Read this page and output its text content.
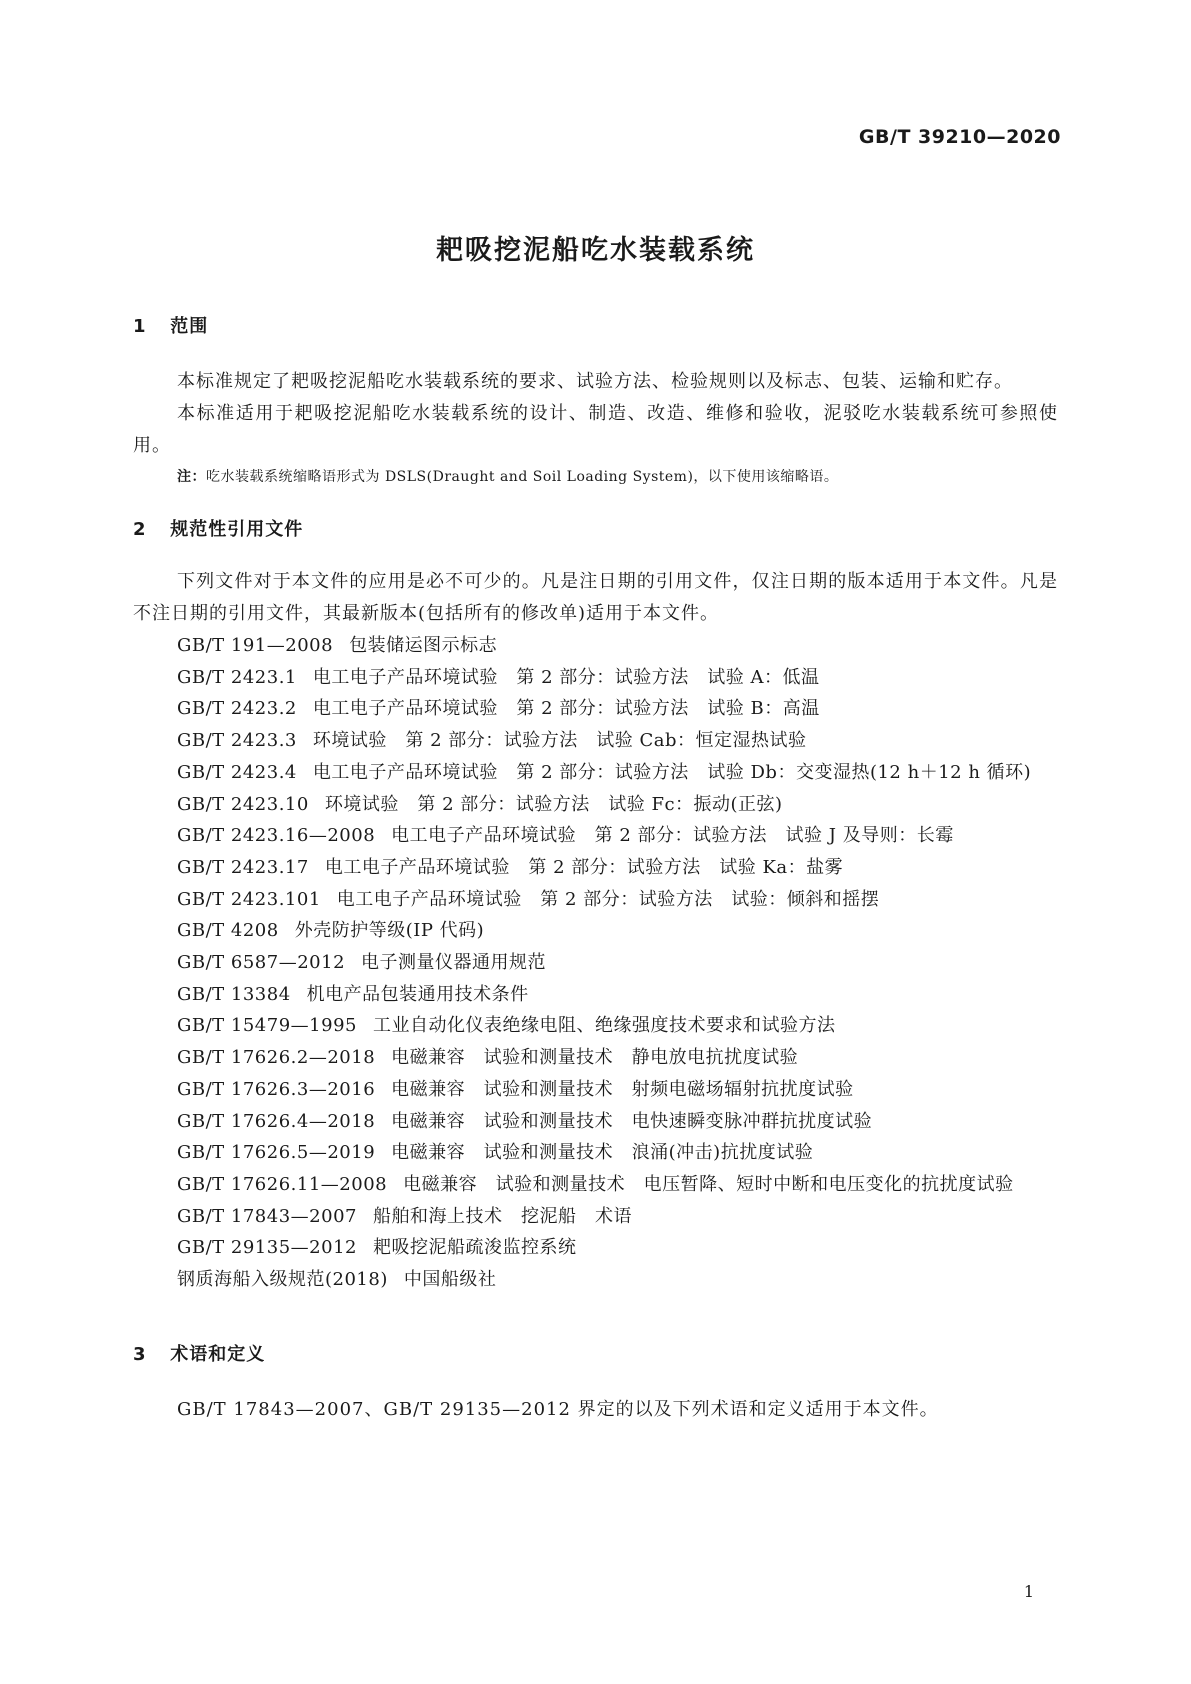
GB/T 39210—2020
耙吸挖泥船吃水装载系统
1 范围

本标准规定了耙吸挖泥船吃水装载系统的要求、试验方法、检验规则以及标志、包装、运输和贮存。

本标准适用于耙吸挖泥船吃水装载系统的设计、制造、改造、维修和验收，泥驳吃水装载系统可参照使用。

注：吃水装载系统缩略语形式为 DSLS(Draught and Soil Loading System)，以下使用该缩略语。

2 规范性引用文件

下列文件对于本文件的应用是必不可少的。凡是注日期的引用文件，仅注日期的版本适用于本文件。凡是不注日期的引用文件，其最新版本(包括所有的修改单)适用于本文件。

GB/T 191—2008 包装储运图示标志
GB/T 2423.1 电工电子产品环境试验　第 2 部分：试验方法　试验 A：低温
GB/T 2423.2 电工电子产品环境试验　第 2 部分：试验方法　试验 B：高温
GB/T 2423.3 环境试验　第 2 部分：试验方法　试验 Cab：恒定湿热试验
GB/T 2423.4 电工电子产品环境试验　第 2 部分：试验方法　试验 Db：交变湿热(12 h＋12 h 循环)
GB/T 2423.10 环境试验　第 2 部分：试验方法　试验 Fc：振动(正弦)
GB/T 2423.16—2008 电工电子产品环境试验　第 2 部分：试验方法　试验 J 及导则：长霉
GB/T 2423.17 电工电子产品环境试验　第 2 部分：试验方法　试验 Ka：盐雾
GB/T 2423.101 电工电子产品环境试验　第 2 部分：试验方法　试验：倾斜和摇摆
GB/T 4208 外壳防护等级(IP 代码)
GB/T 6587—2012 电子测量仪器通用规范
GB/T 13384 机电产品包装通用技术条件
GB/T 15479—1995 工业自动化仪表绝缘电阻、绝缘强度技术要求和试验方法
GB/T 17626.2—2018 电磁兼容　试验和测量技术　静电放电抗扰度试验
GB/T 17626.3—2016 电磁兼容　试验和测量技术　射频电磁场辐射抗扰度试验
GB/T 17626.4—2018 电磁兼容　试验和测量技术　电快速瞬变脉冲群抗扰度试验
GB/T 17626.5—2019 电磁兼容　试验和测量技术　浪涌(冲击)抗扰度试验
GB/T 17626.11—2008 电磁兼容　试验和测量技术　电压暂降、短时中断和电压变化的抗扰度试验
GB/T 17843—2007 船舶和海上技术　挖泥船　术语
GB/T 29135—2012 耙吸挖泥船疏浚监控系统
钢质海船入级规范(2018) 中国船级社
3 术语和定义

GB/T 17843—2007、GB/T 29135—2012 界定的以及下列术语和定义适用于本文件。

1
